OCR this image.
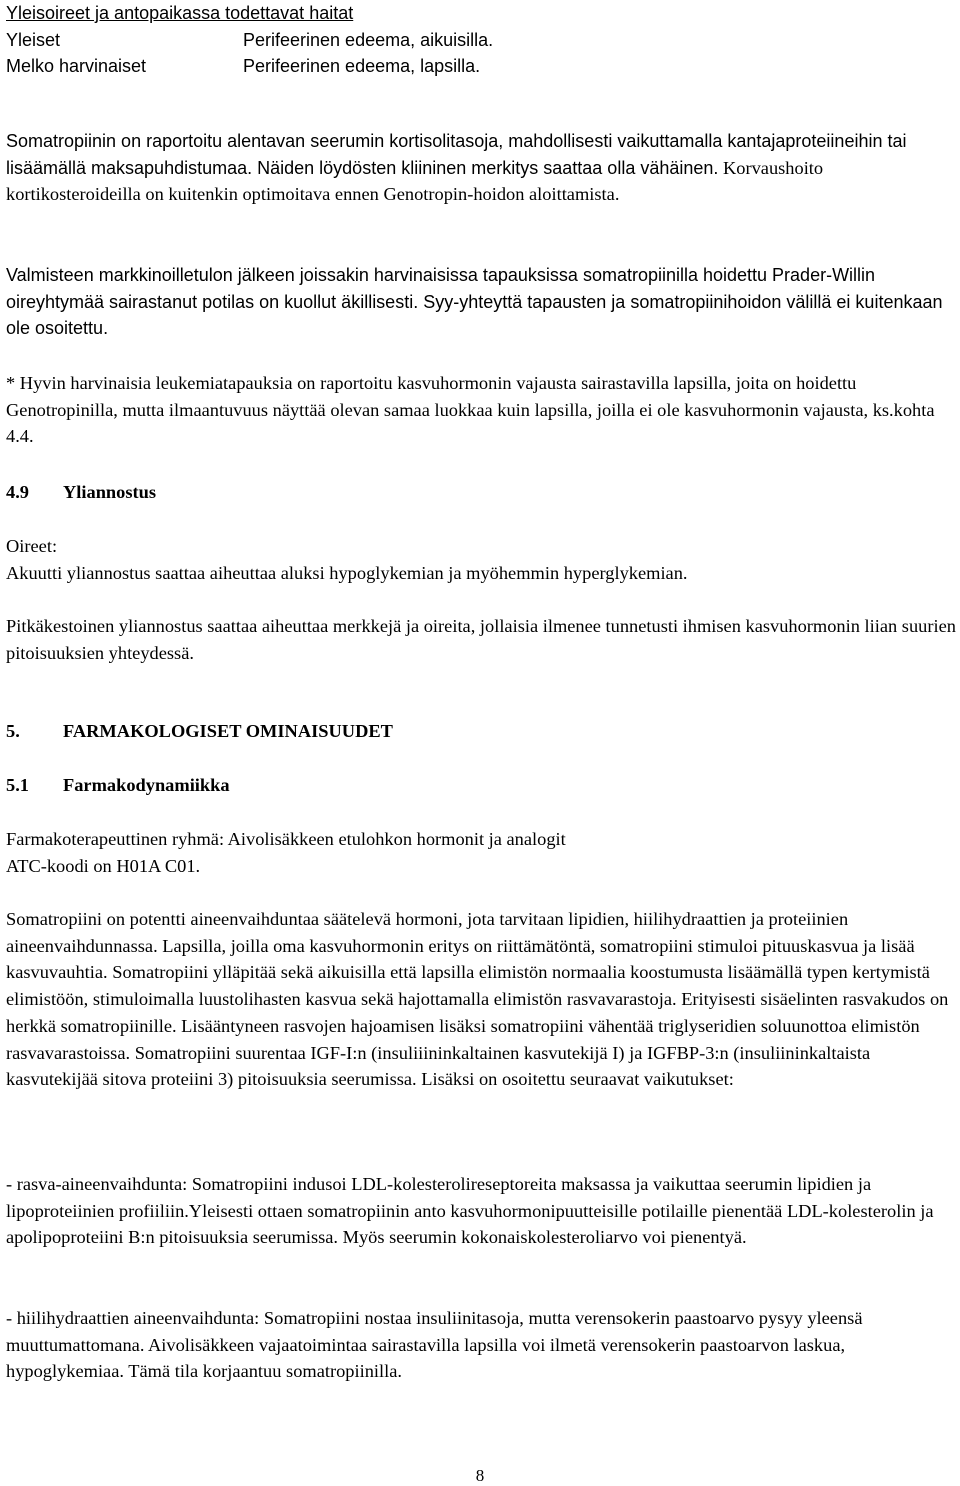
Yleisoireet ja antopaikassa todettavat haitat
Yleiset	Perifeerinen edeema, aikuisilla.
Melko harvinaiset	Perifeerinen edeema, lapsilla.
Somatropiinin on raportoitu alentavan seerumin kortisolitasoja, mahdollisesti vaikuttamalla kantajaproteiineihin tai lisäämällä maksapuhdistumaa. Näiden löydösten kliininen merkitys saattaa olla vähäinen. Korvaushoito kortikosteroideilla on kuitenkin optimoitava ennen Genotropin-hoidon aloittamista.
Valmisteen markkinoilletulon jälkeen joissakin harvinaisissa tapauksissa somatropiinilla hoidettu Prader-Willin oireyhtymää sairastanut potilas on kuollut äkillisesti. Syy-yhteyttä tapausten ja somatropiinihoidon välillä ei kuitenkaan ole osoitettu.
* Hyvin harvinaisia leukemiatapauksia on raportoitu kasvuhormonin vajausta sairastavilla lapsilla, joita on hoidettu Genotropinilla, mutta ilmaantuvuus näyttää olevan samaa luokkaa kuin lapsilla, joilla ei ole kasvuhormonin vajausta, ks.kohta 4.4.
4.9 Yliannostus
Oireet:
Akuutti yliannostus saattaa aiheuttaa aluksi hypoglykemian ja myöhemmin hyperglykemian.
Pitkäkestoinen yliannostus saattaa aiheuttaa merkkejä ja oireita, jollaisia ilmenee tunnetusti ihmisen kasvuhormonin liian suurien pitoisuuksien yhteydessä.
5. FARMAKOLOGISET OMINAISUUDET
5.1 Farmakodynamiikka
Farmakoterapeuttinen ryhmä: Aivolisäkkeen etulohkon hormonit ja analogit
ATC-koodi on H01A C01.
Somatropiini on potentti aineenvaihduntaa säätelevä hormoni, jota tarvitaan lipidien, hiilihydraattien ja proteiinien aineenvaihdunnassa. Lapsilla, joilla oma kasvuhormonin eritys on riittämätöntä, somatropiini stimuloi pituuskasvua ja lisää kasvuvauhtia. Somatropiini ylläpitää sekä aikuisilla että lapsilla elimistön normaalia koostumusta lisäämällä typen kertymistä elimistöön, stimuloimalla luustolihasten kasvua sekä hajottamalla elimistön rasvavarastoja. Erityisesti sisäelinten rasvakudos on herkkä somatropiinille. Lisääntyneen rasvojen hajoamisen lisäksi somatropiini vähentää triglyseridien soluunottoa elimistön rasvavarastoissa. Somatropiini suurentaa IGF-I:n (insuliiininkaltainen kasvutekijä I) ja IGFBP-3:n (insuliininkaltaista kasvutekijää sitova proteiini 3) pitoisuuksia seerumissa. Lisäksi on osoitettu seuraavat vaikutukset:
- rasva-aineenvaihdunta: Somatropiini indusoi LDL-kolesterolireseptoreita maksassa ja vaikuttaa seerumin lipidien ja lipoproteiinien profiiliin.Yleisesti ottaen somatropiinin anto kasvuhormonipuutteisille potilaille pienentää LDL-kolesterolin ja apolipoproteiini B:n pitoisuuksia seerumissa. Myös seerumin kokonaiskolesteroliarvo voi pienentyä.
- hiilihydraattien aineenvaihdunta: Somatropiini nostaa insuliinitasoja, mutta verensokerin paastoarvo pysyy yleensä muuttumattomana. Aivolisäkkeen vajaatoimintaa sairastavilla lapsilla voi ilmetä verensokerin paastoarvon laskua, hypoglykemiaa. Tämä tila korjaantuu somatropiinilla.
8
